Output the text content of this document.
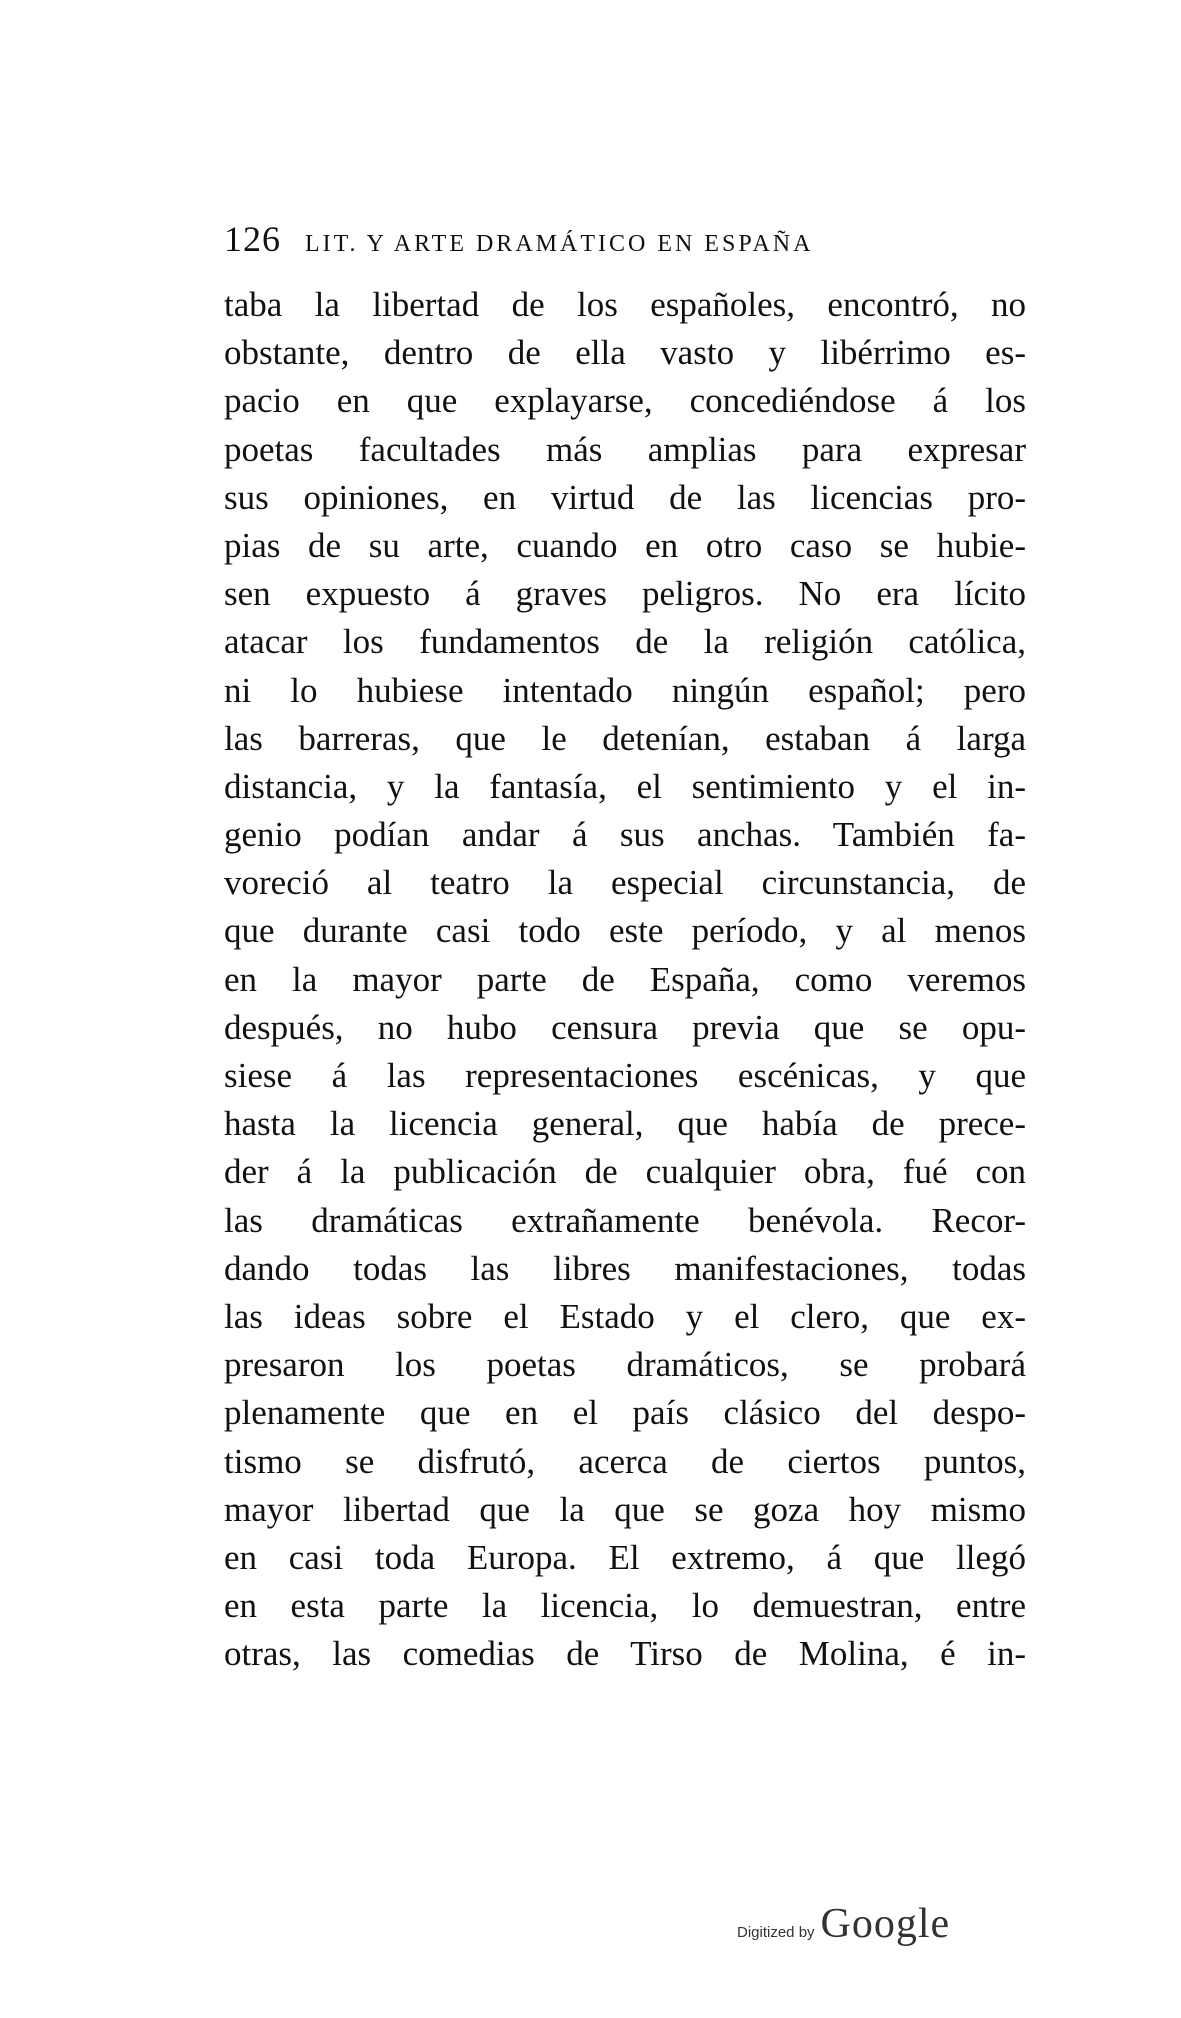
126 LIT. Y ARTE DRAMÁTICO EN ESPAÑA
taba la libertad de los españoles, encontró, no
obstante, dentro de ella vasto y libérrimo es-
pacio en que explayarse, concediéndose á los
poetas facultades más amplias para expresar
sus opiniones, en virtud de las licencias pro-
pias de su arte, cuando en otro caso se hubie-
sen expuesto á graves peligros. No era lícito
atacar los fundamentos de la religión católica,
ni lo hubiese intentado ningún español; pero
las barreras, que le detenían, estaban á larga
distancia, y la fantasía, el sentimiento y el in-
genio podían andar á sus anchas. También fa-
voreció al teatro la especial circunstancia, de
que durante casi todo este período, y al menos
en la mayor parte de España, como veremos
después, no hubo censura previa que se opu-
siese á las representaciones escénicas, y que
hasta la licencia general, que había de prece-
der á la publicación de cualquier obra, fué con
las dramáticas extrañamente benévola. Recor-
dando todas las libres manifestaciones, todas
las ideas sobre el Estado y el clero, que ex-
presaron los poetas dramáticos, se probará
plenamente que en el país clásico del despo-
tismo se disfrutó, acerca de ciertos puntos,
mayor libertad que la que se goza hoy mismo
en casi toda Europa. El extremo, á que llegó
en esta parte la licencia, lo demuestran, entre
otras, las comedias de Tirso de Molina, é in-
Digitized by Google
